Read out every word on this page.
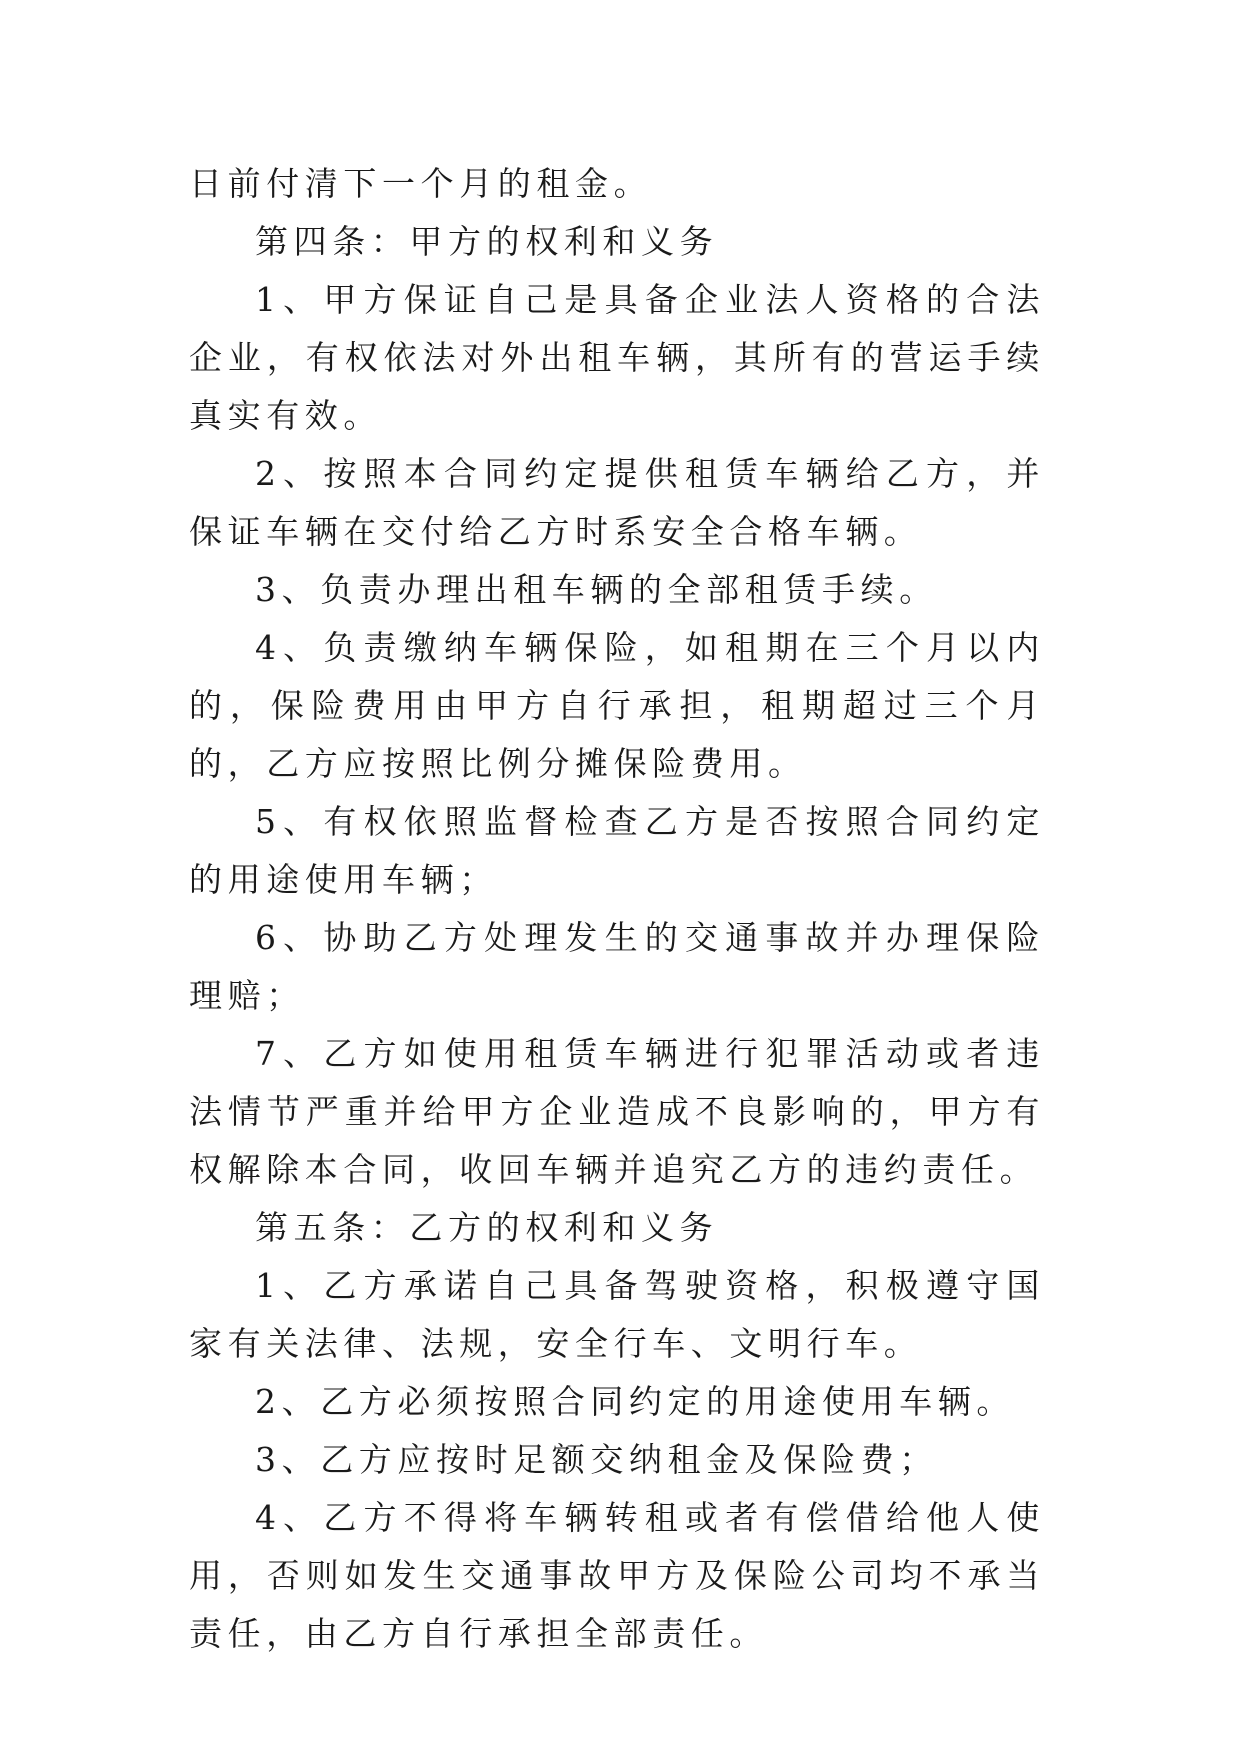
日前付清下一个月的租金。

第四条：甲方的权利和义务

1、甲方保证自己是具备企业法人资格的合法企业，有权依法对外出租车辆，其所有的营运手续真实有效。

2、按照本合同约定提供租赁车辆给乙方，并保证车辆在交付给乙方时系安全合格车辆。

3、负责办理出租车辆的全部租赁手续。

4、负责缴纳车辆保险，如租期在三个月以内的，保险费用由甲方自行承担，租期超过三个月的，乙方应按照比例分摊保险费用。

5、有权依照监督检查乙方是否按照合同约定的用途使用车辆；

6、协助乙方处理发生的交通事故并办理保险理赔；

7、乙方如使用租赁车辆进行犯罪活动或者违法情节严重并给甲方企业造成不良影响的，甲方有权解除本合同，收回车辆并追究乙方的违约责任。

第五条：乙方的权利和义务

1、乙方承诺自己具备驾驶资格，积极遵守国家有关法律、法规，安全行车、文明行车。

2、乙方必须按照合同约定的用途使用车辆。

3、乙方应按时足额交纳租金及保险费；

4、乙方不得将车辆转租或者有偿借给他人使用，否则如发生交通事故甲方及保险公司均不承当责任，由乙方自行承担全部责任。
